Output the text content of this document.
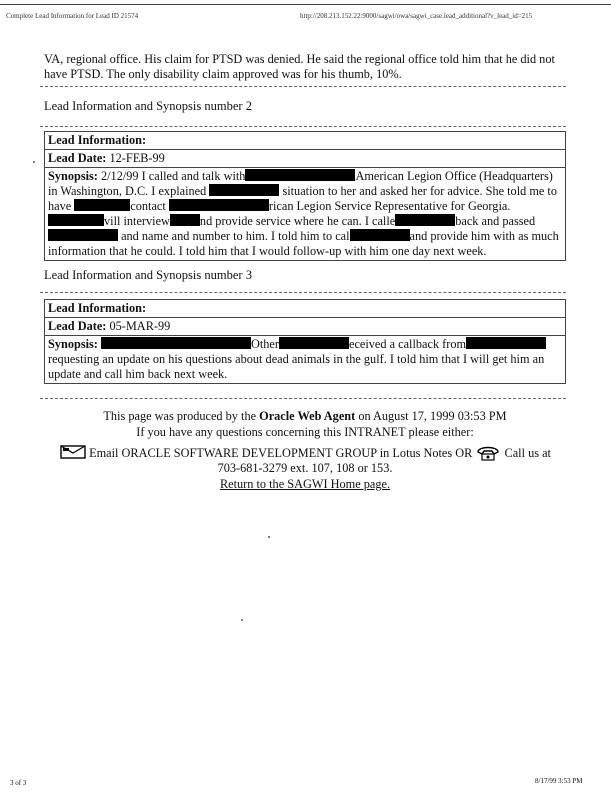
Complete Lead Information for Lead ID 21574	http://208.213.152.22:9000/sagwi/owa/sagwi_case.lead_additional?v_lead_id=215
VA, regional office. His claim for PTSD was denied. He said the regional office told him that he did not have PTSD. The only disability claim approved was for his thumb, 10%.
Lead Information and Synopsis number 2
Lead Information:
Lead Date: 12-FEB-99
Synopsis: 2/12/99 I called and talk with	American Legion Office (Headquarters) in Washington, D.C. I explained	situation to her and asked her for advice. She told me to have	contact	rican Legion Service Representative for Georgia.vill interview nd provide service where he can. I calle	back and passed and name and number to him. I told him to cal	and provide him with as much information that he could. I told him that I would follow-up with him one day next week.
Lead Information and Synopsis number 3
Lead Information:
Lead Date: 05-MAR-99
Synopsis:	Other	eceived a callback from requesting an update on his questions about dead animals in the gulf. I told him that I will get him an update and call him back next week.
This page was produced by the Oracle Web Agent on August 17, 1999 03:53 PM
If you have any questions concerning this INTRANET please either:
Email ORACLE SOFTWARE DEVELOPMENT GROUP in Lotus Notes OR	Call us at
703-681-3279 ext. 107, 108 or 153.
Return to the SAGWI Home page.
3 of 3	8/17/99 3:53 PM
